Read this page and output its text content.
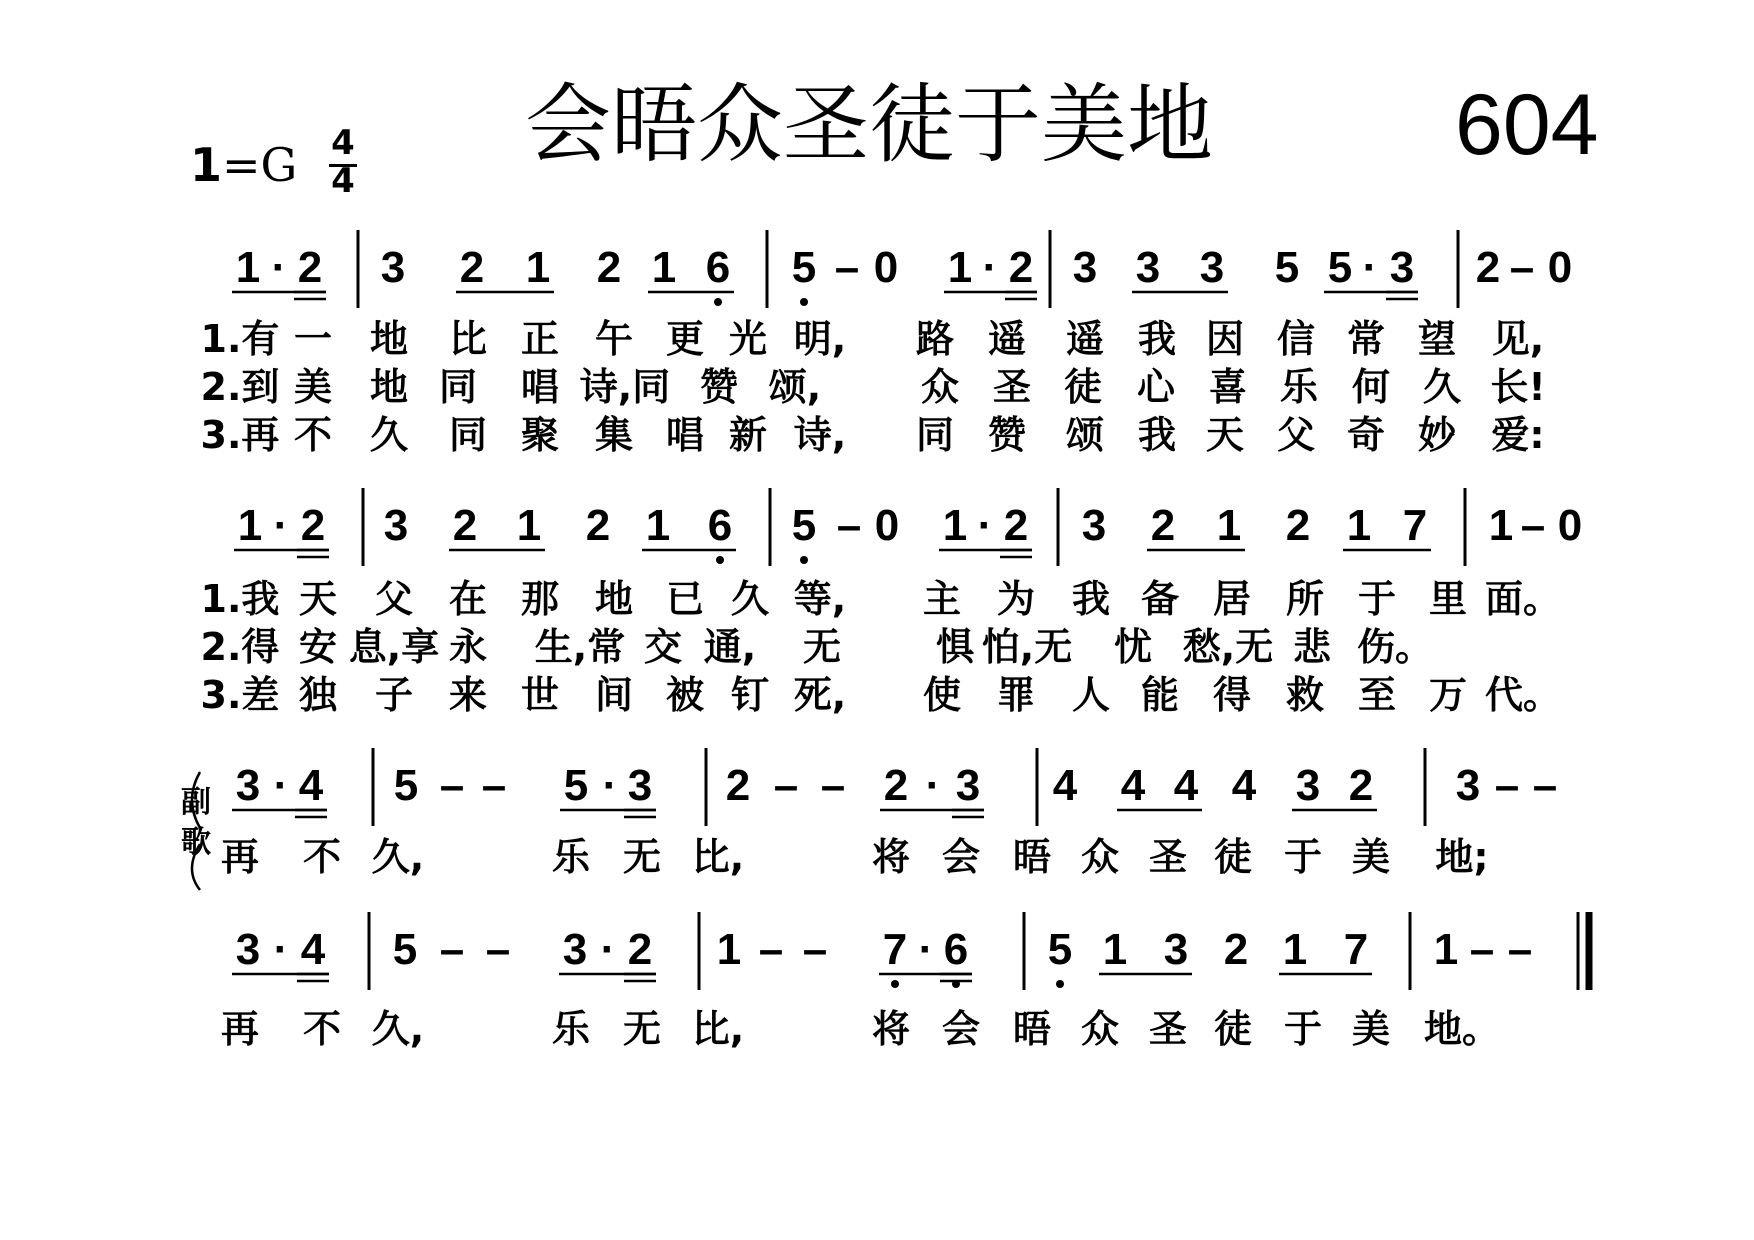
1=G 4
4
会晤众圣徒于美地	604
1 · 2 3 2 1 2 1 6 5 – 0 1 · 2 3 3 3 5 5 · 3 2 – 0
1.有 一 地 比 正 午 更 光 明, 路 遥 遥 我 因 信 常 望 见,
2.到 美 地 同 唱 诗,同 赞 颂,	众 圣 徒 心 喜 乐 何 久 长!
3.再 不 久 同 聚 集 唱 新 诗, 同 赞 颂 我 天 父 奇 妙 爱:
1 · 2 3 2 1 2 1 6 5 – 0 1 · 2 3 2 1 2 1 7 1 – 0
1.我 天 父 在 那 地 已 久 等, 主 为 我 备 居 所 于 里 面。
2.得 安 息,享 永 生,常 交 通, 无 惧 怕,无 忧 愁,无 悲 伤。
3.差 独 子 来 世 间 被 钉 死, 使 罪 人 能 得 救 至 万 代。
3 · 4 5 – – 5 · 3 2 – – 2 · 3 4 4 4 4 3 2 3 – –
再 不 久,	乐 无 比,	将 会 晤 众 圣 徒 于 美 地;
3 · 4 5 – – 3 · 2 1 – – 7 · 6 5 1 3 2 1 7 1 – –
再 不 久,	乐 无 比,	将 会 晤 众 圣 徒 于 美 地。
副
歌
